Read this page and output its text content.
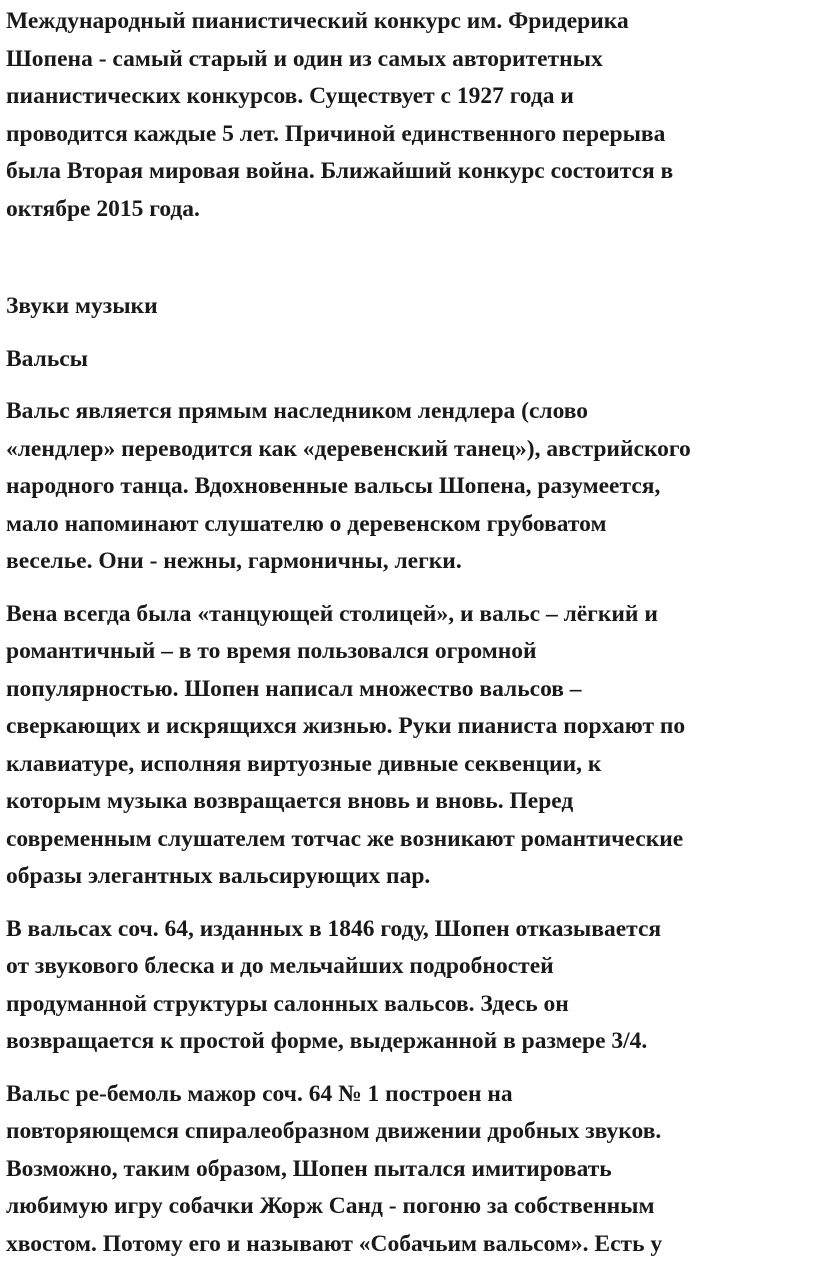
Международный пианистический конкурс им. Фридерика
Шопена - самый старый и один из самых авторитетных
пианистических конкурсов. Существует с 1927 года и
проводится каждые 5 лет. Причиной единственного перерыва
была Вторая мировая война. Ближайший конкурс состоится в
октябре 2015 года.
Звуки музыки
Вальсы
Вальс является прямым наследником лендлера (слово
«лендлер» переводится как «деревенский танец»), австрийского
народного танца. Вдохновенные вальсы Шопена, разумеется,
мало напоминают слушателю о деревенском грубоватом
веселье. Они - нежны, гармоничны, легки.
Вена всегда была «танцующей столицей», и вальс – лёгкий и
романтичный – в то время пользовался огромной
популярностью. Шопен написал множество вальсов –
сверкающих и искрящихся жизнью. Руки пианиста порхают по
клавиатуре, исполняя виртуозные дивные секвенции, к
которым музыка возвращается вновь и вновь. Перед
современным слушателем тотчас же возникают романтические
образы элегантных вальсирующих пар.
В вальсах соч. 64, изданных в 1846 году, Шопен отказывается
от звукового блеска и до мельчайших подробностей
продуманной структуры салонных вальсов. Здесь он
возвращается к простой форме, выдержанной в размере 3/4.
Вальс ре-бемоль мажор соч. 64 № 1 построен на
повторяющемся спиралеобразном движении дробных звуков.
Возможно, таким образом, Шопен пытался имитировать
любимую игру собачки Жорж Санд - погоню за собственным
хвостом. Потому его и называют «Собачьим вальсом». Есть у
